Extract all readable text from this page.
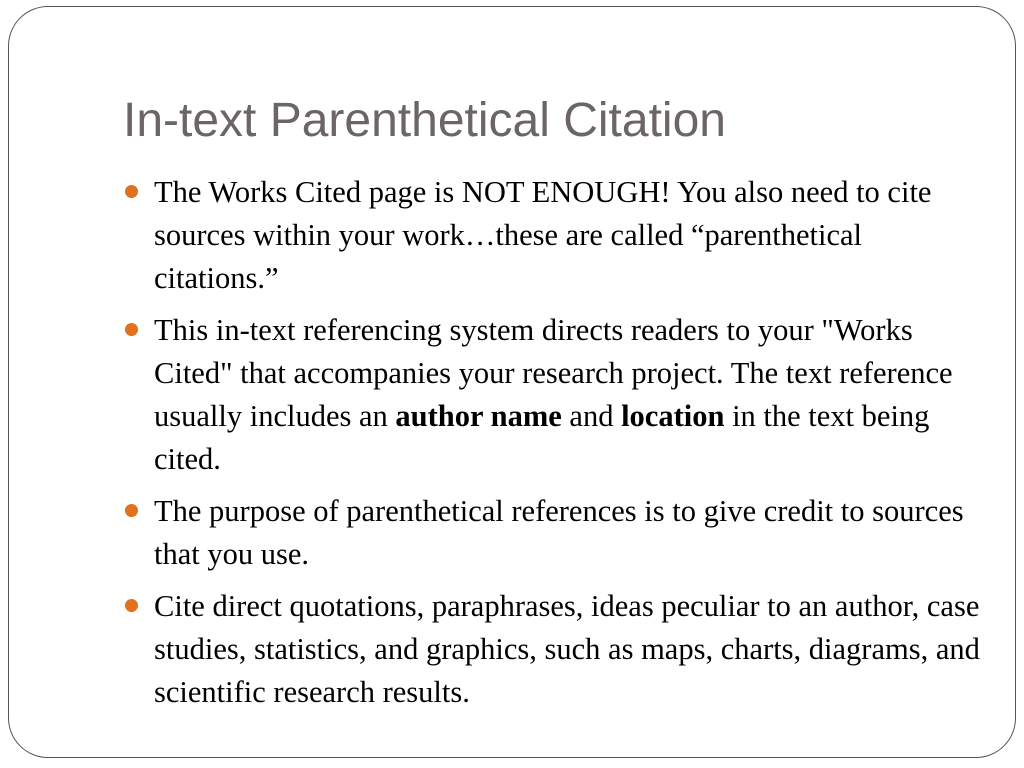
In-text Parenthetical Citation
The Works Cited page is NOT ENOUGH! You also need to cite sources within your work…these are called “parenthetical citations.”
This in-text referencing system directs readers to your "Works Cited" that accompanies your research project. The text reference usually includes an author name and location in the text being cited.
The purpose of parenthetical references is to give credit to sources that you use.
Cite direct quotations, paraphrases, ideas peculiar to an author, case studies, statistics, and graphics, such as maps, charts, diagrams, and scientific research results.
